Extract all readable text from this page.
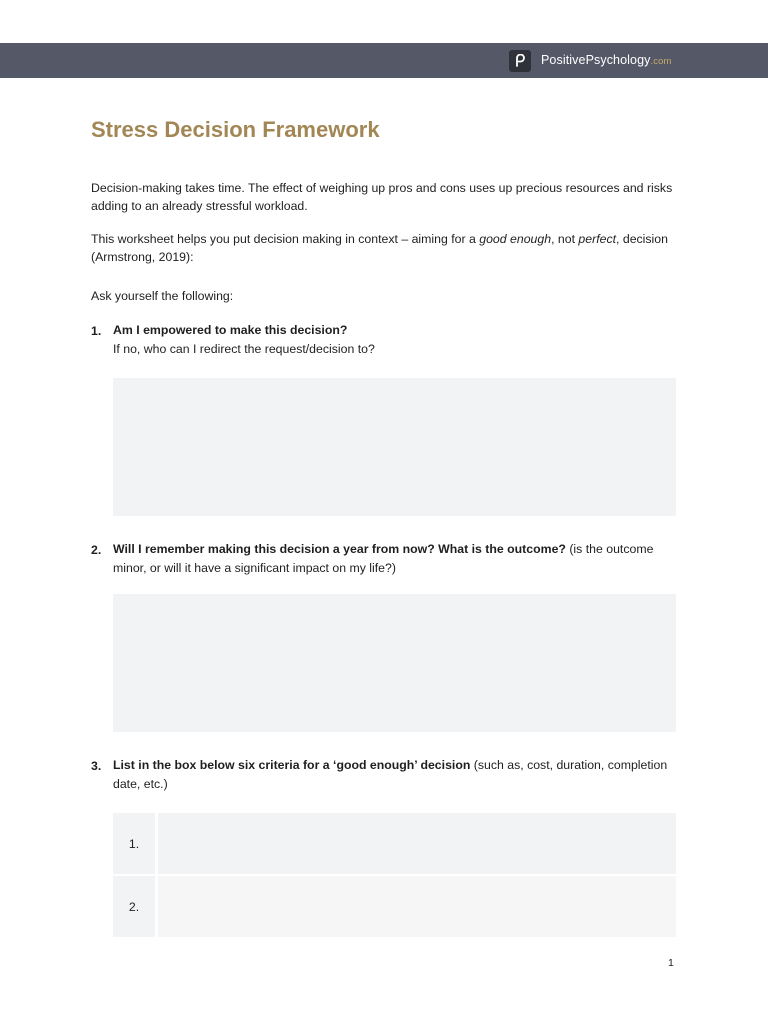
PositivePsychology.com
Stress Decision Framework
Decision-making takes time. The effect of weighing up pros and cons uses up precious resources and risks adding to an already stressful workload.
This worksheet helps you put decision making in context – aiming for a good enough, not perfect, decision (Armstrong, 2019):
Ask yourself the following:
1. Am I empowered to make this decision?
If no, who can I redirect the request/decision to?
2. Will I remember making this decision a year from now? What is the outcome? (is the outcome minor, or will it have a significant impact on my life?)
3. List in the box below six criteria for a ‘good enough’ decision (such as, cost, duration, completion date, etc.)
1.
2.
1
